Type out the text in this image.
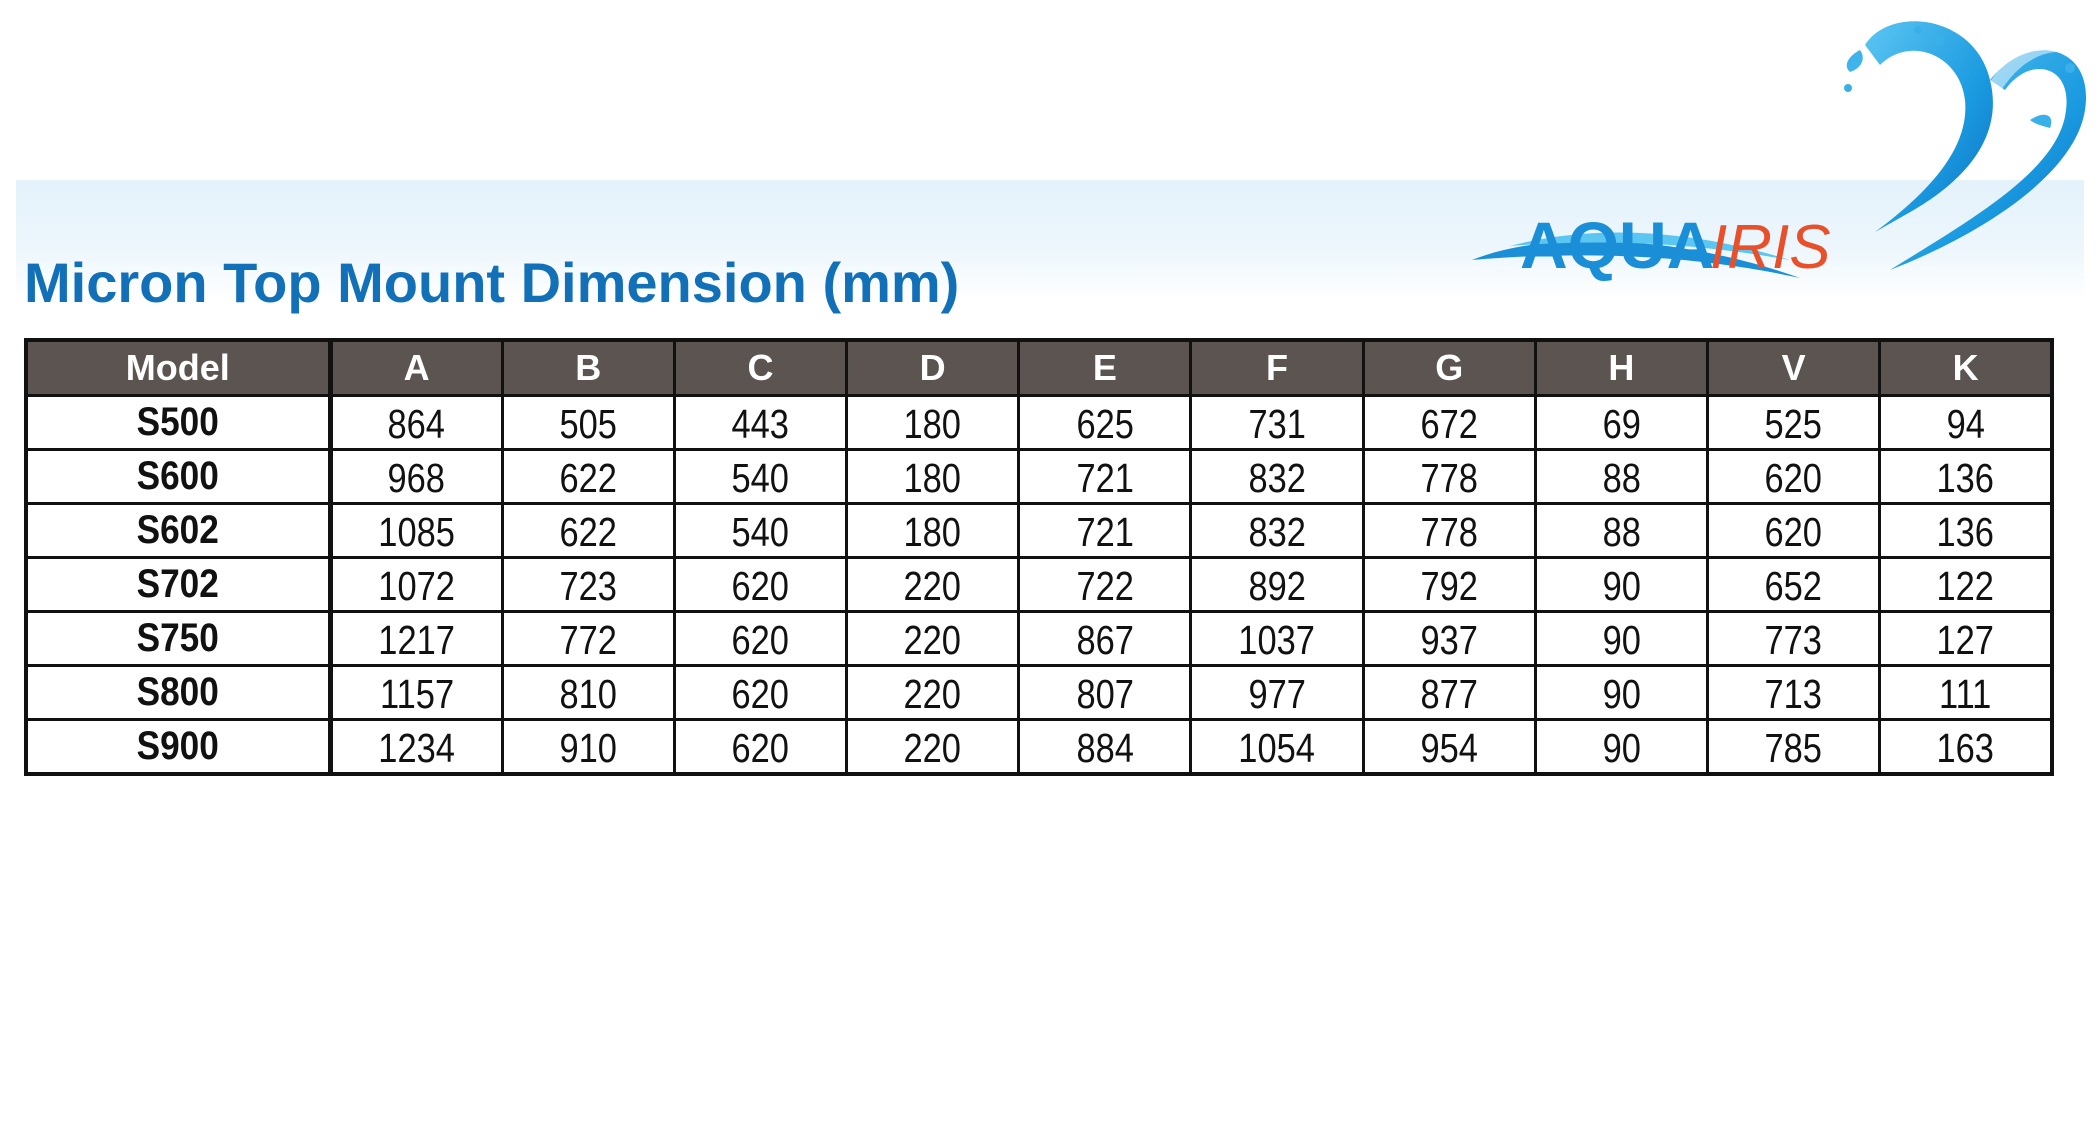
Micron Top Mount Dimension (mm)
AQUA
IRIS
Model	A	B	C	D	E	F	G	H	V	K
S500	864	505	443	180	625	731	672	69	525	94
S600	968	622	540	180	721	832	778	88	620	136
S602	1085	622	540	180	721	832	778	88	620	136
S702	1072	723	620	220	722	892	792	90	652	122
S750	1217	772	620	220	867	1037	937	90	773	127
S800	1157	810	620	220	807	977	877	90	713	111
S900	1234	910	620	220	884	1054	954	90	785	163
